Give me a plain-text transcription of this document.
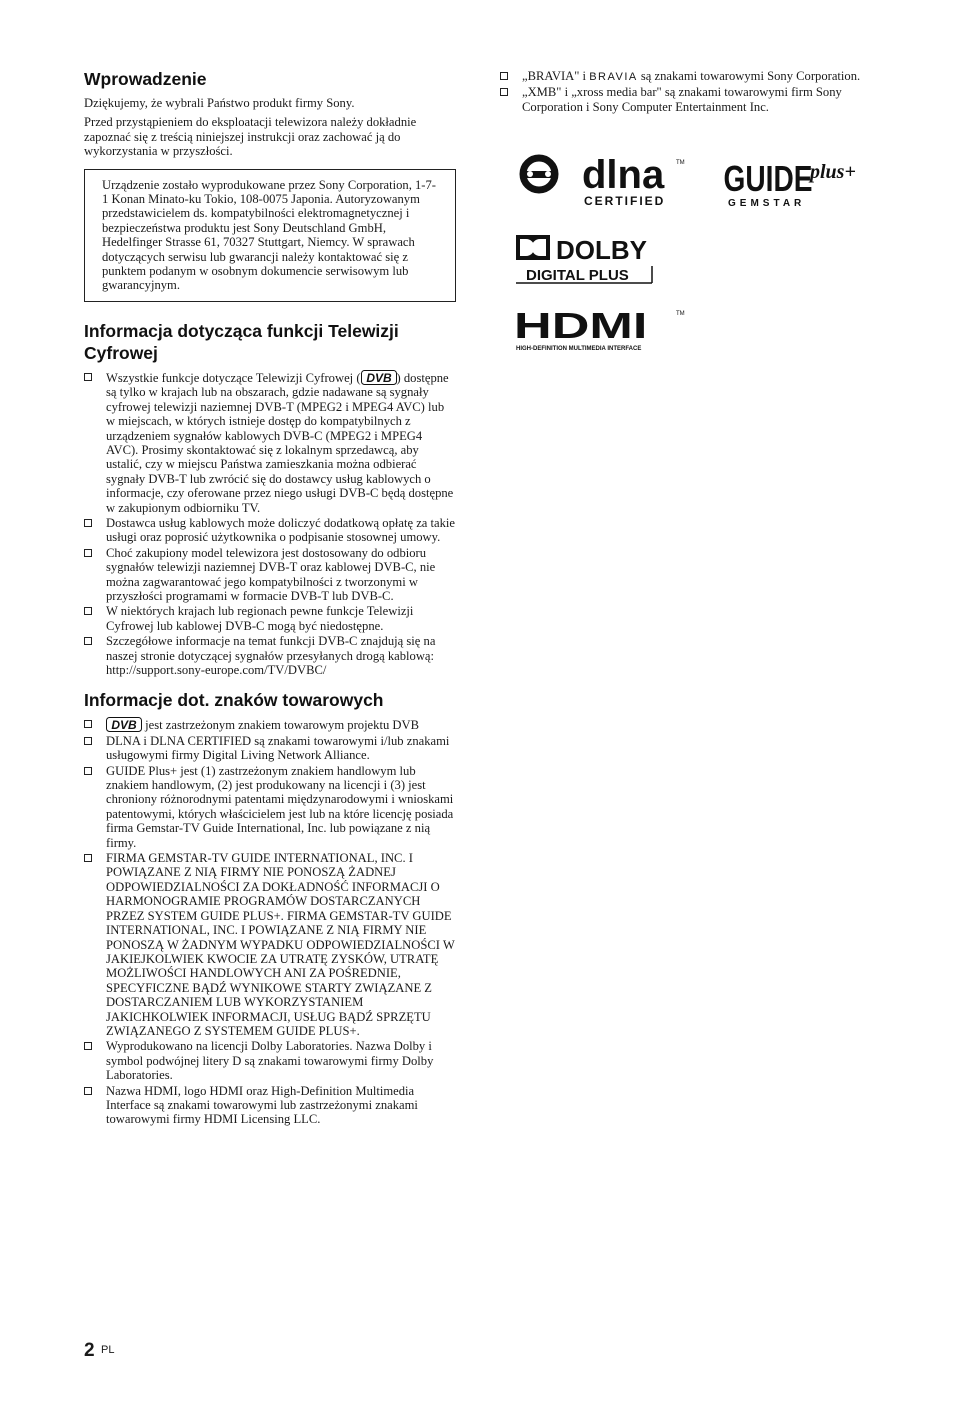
Wprowadzenie

Dziękujemy, że wybrali Państwo produkt firmy Sony.

Przed przystąpieniem do eksploatacji telewizora należy dokładnie zapoznać się z treścią niniejszej instrukcji oraz zachować ją do wykorzystania w przyszłości.

Urządzenie zostało wyprodukowane przez Sony Corporation, 1-7-1 Konan Minato-ku Tokio, 108-0075 Japonia. Autoryzowanym przedstawicielem ds. kompatybilności elektromagnetycznej i bezpieczeństwa produktu jest Sony Deutschland GmbH, Hedelfinger Strasse 61, 70327 Stuttgart, Niemcy. W sprawach dotyczących serwisu lub gwarancji należy kontaktować się z punktem podanym w osobnym dokumencie serwisowym lub gwarancyjnym.
Informacja dotycząca funkcji Telewizji Cyfrowej
Wszystkie funkcje dotyczące Telewizji Cyfrowej ( DVB ) dostępne są tylko w krajach lub na obszarach, gdzie nadawane są sygnały cyfrowej telewizji naziemnej DVB-T (MPEG2 i MPEG4 AVC) lub w miejscach, w których istnieje dostęp do kompatybilnych z urządzeniem sygnałów kablowych DVB-C (MPEG2 i MPEG4 AVC). Prosimy skontaktować się z lokalnym sprzedawcą, aby ustalić, czy w miejscu Państwa zamieszkania można odbierać sygnały DVB-T lub zwrócić się do dostawcy usług kablowych o informacje, czy oferowane przez niego usługi DVB-C będą dostępne w zakupionym odbiorniku TV.
Dostawca usług kablowych może doliczyć dodatkową opłatę za takie usługi oraz poprosić użytkownika o podpisanie stosownej umowy.
Choć zakupiony model telewizora jest dostosowany do odbioru sygnałów telewizji naziemnej DVB-T oraz kablowej DVB-C, nie można zagwarantować jego kompatybilności z tworzonymi w przyszłości programami w formacie DVB-T lub DVB-C.
W niektórych krajach lub regionach pewne funkcje Telewizji Cyfrowej lub kablowej DVB-C mogą być niedostępne.
Szczegółowe informacje na temat funkcji DVB-C znajdują się na naszej stronie dotyczącej sygnałów przesyłanych drogą kablową:
http://support.sony-europe.com/TV/DVBC/
Informacje dot. znaków towarowych
DVB jest zastrzeżonym znakiem towarowym projektu DVB
DLNA i DLNA CERTIFIED są znakami towarowymi i/lub znakami usługowymi firmy Digital Living Network Alliance.
GUIDE Plus+ jest (1) zastrzeżonym znakiem handlowym lub znakiem handlowym, (2) jest produkowany na licencji i (3) jest chroniony różnorodnymi patentami międzynarodowymi i wnioskami patentowymi, których właścicielem jest lub na które licencję posiada firma Gemstar-TV Guide International, Inc. lub powiązane z nią firmy.
FIRMA GEMSTAR-TV GUIDE INTERNATIONAL, INC. I POWIĄZANE Z NIĄ FIRMY NIE PONOSZĄ ŻADNEJ ODPOWIEDZIALNOŚCI ZA DOKŁADNOŚĆ INFORMACJI O HARMONOGRAMIE PROGRAMÓW DOSTARCZANYCH PRZEZ SYSTEM GUIDE PLUS+. FIRMA GEMSTAR-TV GUIDE INTERNATIONAL, INC. I POWIĄZANE Z NIĄ FIRMY NIE PONOSZĄ W ŻADNYM WYPADKU ODPOWIEDZIALNOŚCI W JAKIEJKOLWIEK KWOCIE ZA UTRATĘ ZYSKÓW, UTRATĘ MOŻLIWOŚCI HANDLOWYCH ANI ZA POŚREDNIE, SPECYFICZNE BĄDŹ WYNIKOWE STARTY ZWIĄZANE Z DOSTARCZANIEM LUB WYKORZYSTANIEM JAKICHKOLWIEK INFORMACJI, USŁUG BĄDŹ SPRZĘTU ZWIĄZANEGO Z SYSTEMEM GUIDE PLUS+.
Wyprodukowano na licencji Dolby Laboratories. Nazwa Dolby i symbol podwójnej litery D są znakami towarowymi firmy Dolby Laboratories.
Nazwa HDMI, logo HDMI oraz High-Definition Multimedia Interface są znakami towarowymi lub zastrzeżonymi znakami towarowymi firmy HDMI Licensing LLC.
„BRAVIA" i BRAVIA są znakami towarowymi Sony Corporation.
„XMB" i „xross media bar" są znakami towarowymi firm Sony Corporation i Sony Computer Entertainment Inc.
dlna TM
CERTIFIED
GUIDE
plus+
GEMSTAR
DOLBY
DIGITAL PLUS
HDMI	TM
HIGH-DEFINITION MULTIMEDIA INTERFACE
2 PL
